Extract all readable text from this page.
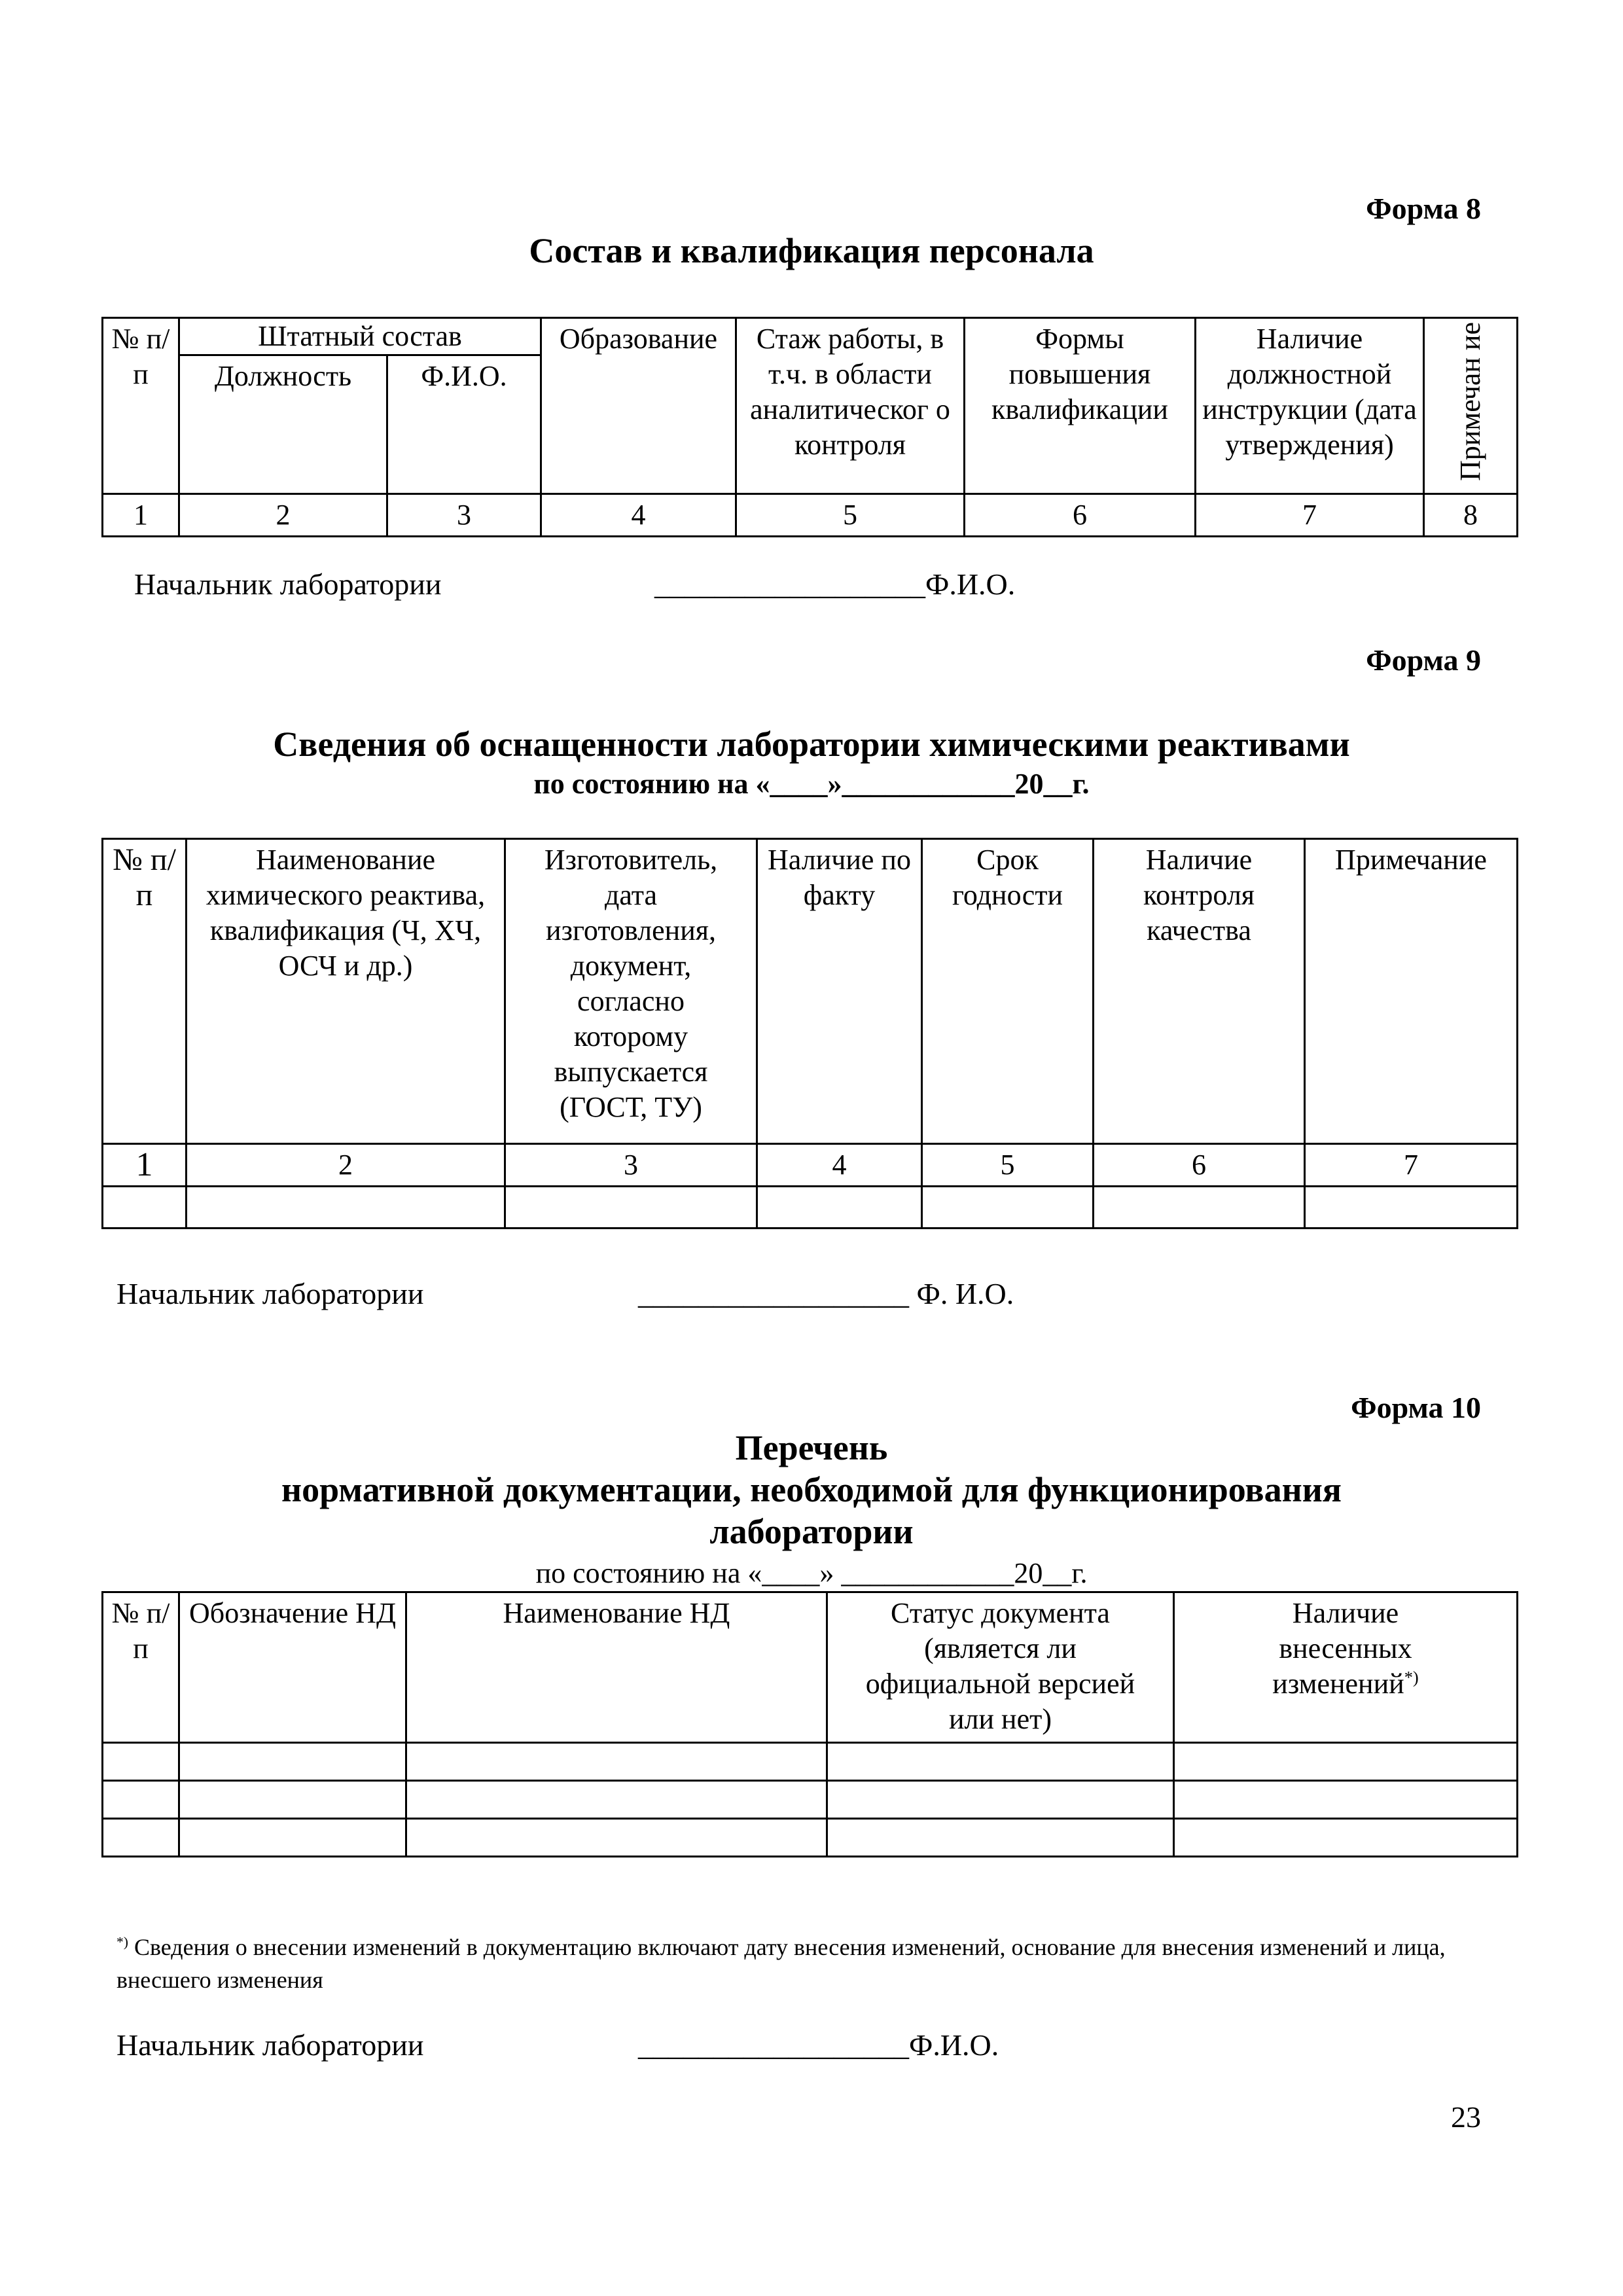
Форма 8
Состав и квалификация персонала
№ п/п	Штатный состав		Образование	Стаж работы, в т.ч. в области аналитическог о контроля	Формы повышения квалификации	Наличие должностной инструкции (дата утверждения)	Примечан ие
	Должность	Ф.И.О.					
1	2	3	4	5	6	7	8
Начальник лаборатории	__________________Ф.И.О.
Форма 9
Сведения об оснащенности лаборатории химическими реактивами
по состоянию на «____»____________20__г.
№ п/п	Наименование химического реактива, квалификация (Ч, ХЧ, ОСЧ и др.)	Изготовитель, дата изготовления, документ, согласно которому выпускается (ГОСТ, ТУ)	Наличие по факту	Срок годности	Наличие контроля качества	Примечание
1	2	3	4	5	6	7

Начальник лаборатории	__________________ Ф. И.О.
Форма 10
Перечень
нормативной документации, необходимой для функционирования
лаборатории
по состоянию на «____» ____________20__г.
№ п/п	Обозначение НД	Наименование НД	Статус документа (является ли официальной версией или нет)	Наличие внесенных изменений*)

*) Сведения о внесении изменений в документацию включают дату внесения изменений, основание для внесения изменений и лица, внесшего изменения
Начальник лаборатории	__________________Ф.И.О.
23
